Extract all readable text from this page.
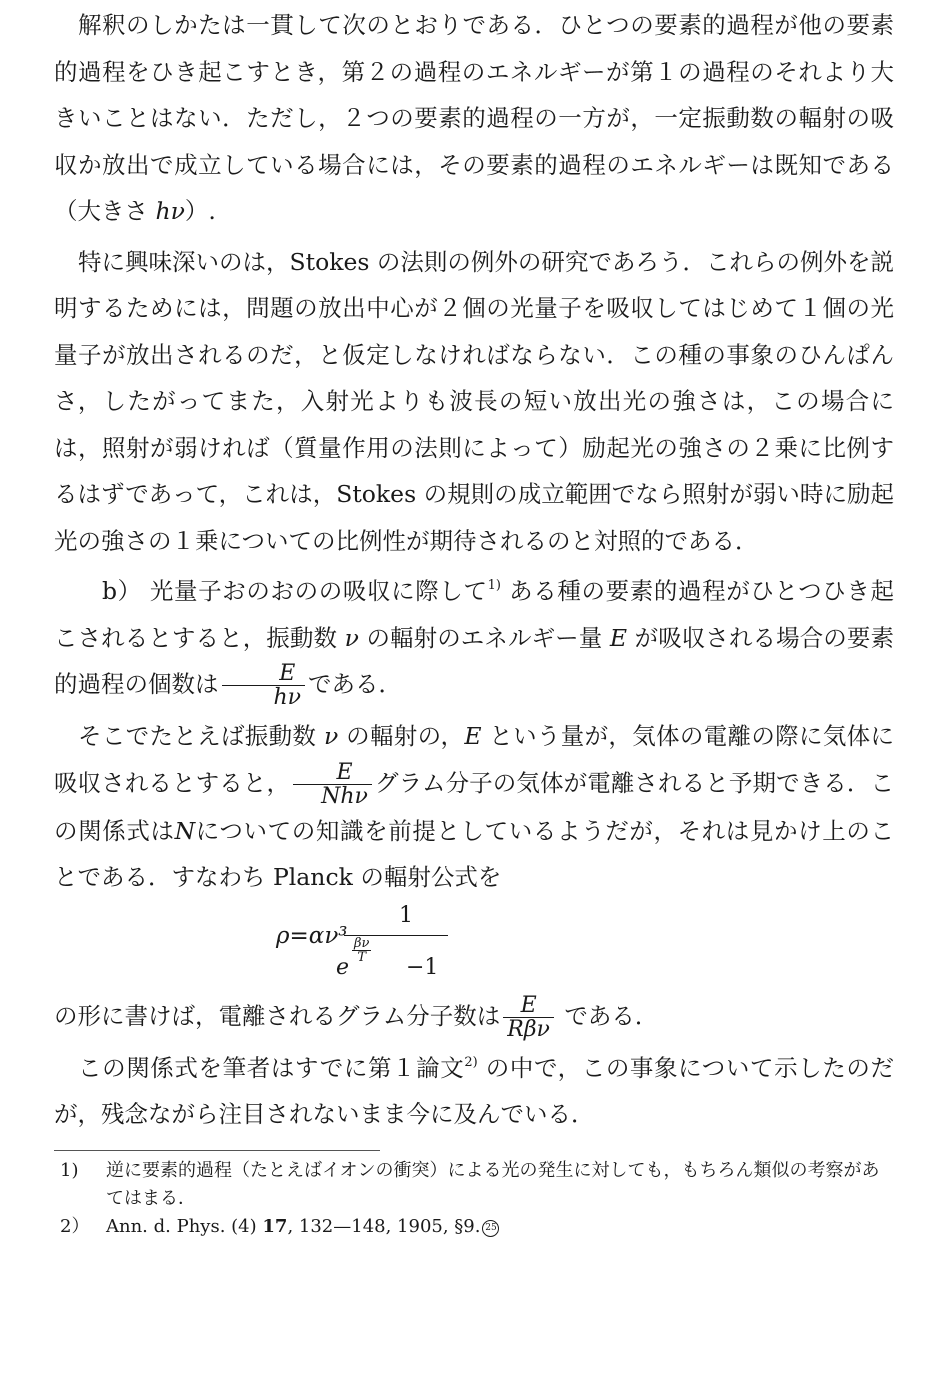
解釈のしかたは一貫して次のとおりである．ひとつの要素的過程が他の要素的過程をひき起こすとき，第２の過程のエネルギーが第１の過程のそれより大きいことはない．ただし，２つの要素的過程の一方が，一定振動数の輻射の吸収か放出で成立している場合には，その要素的過程のエネルギーは既知である（大きさ hν）.

特に興味深いのは，Stokes の法則の例外の研究であろう．これらの例外を説明するためには，問題の放出中心が２個の光量子を吸収してはじめて１個の光量子が放出されるのだ，と仮定しなければならない．この種の事象のひんぱんさ，したがってまた，入射光よりも波長の短い放出光の強さは，この場合には，照射が弱ければ（質量作用の法則によって）励起光の強さの２乗に比例するはずであって，これは，Stokes の規則の成立範囲でなら照射が弱い時に励起光の強さの１乗についての比例性が期待されるのと対照的である．

b） 光量子おのおのの吸収に際して$^{1)}$ ある種の要素的過程がひとつひき起こされるとすると，振動数 ν の輻射のエネルギー量 E が吸収される場合の要素的過程の個数は $\frac{E}{h\nu}$ である．

そこでたとえば振動数 ν の輻射の，E という量が，気体の電離の際に気体に吸収されるとすると， $\frac{E}{\text{Nhν}}$ グラム分子の気体が電離されると予期できる．この関係式はNについての知識を前提としているようだが，それは見かけ上のことである．すなわち Planck の輻射公式を

ρ=αν³
1
e
$\frac{\beta\nu}{T}$
−1

の形に書けば，電離されるグラム分子数は $\frac{E}{\text{Rβν}}$ である．

この関係式を筆者はすでに第１論文$^{2)}$ の中で，この事象について示したのだが，残念ながら注目されないまま今に及んでいる．

1)	逆に要素的過程（たとえばイオンの衝突）による光の発生に対しても，もちろん類似の考察があてはまる．
2） Ann. d. Phys. (4) 17, 132—148, 1905, §9. 25
